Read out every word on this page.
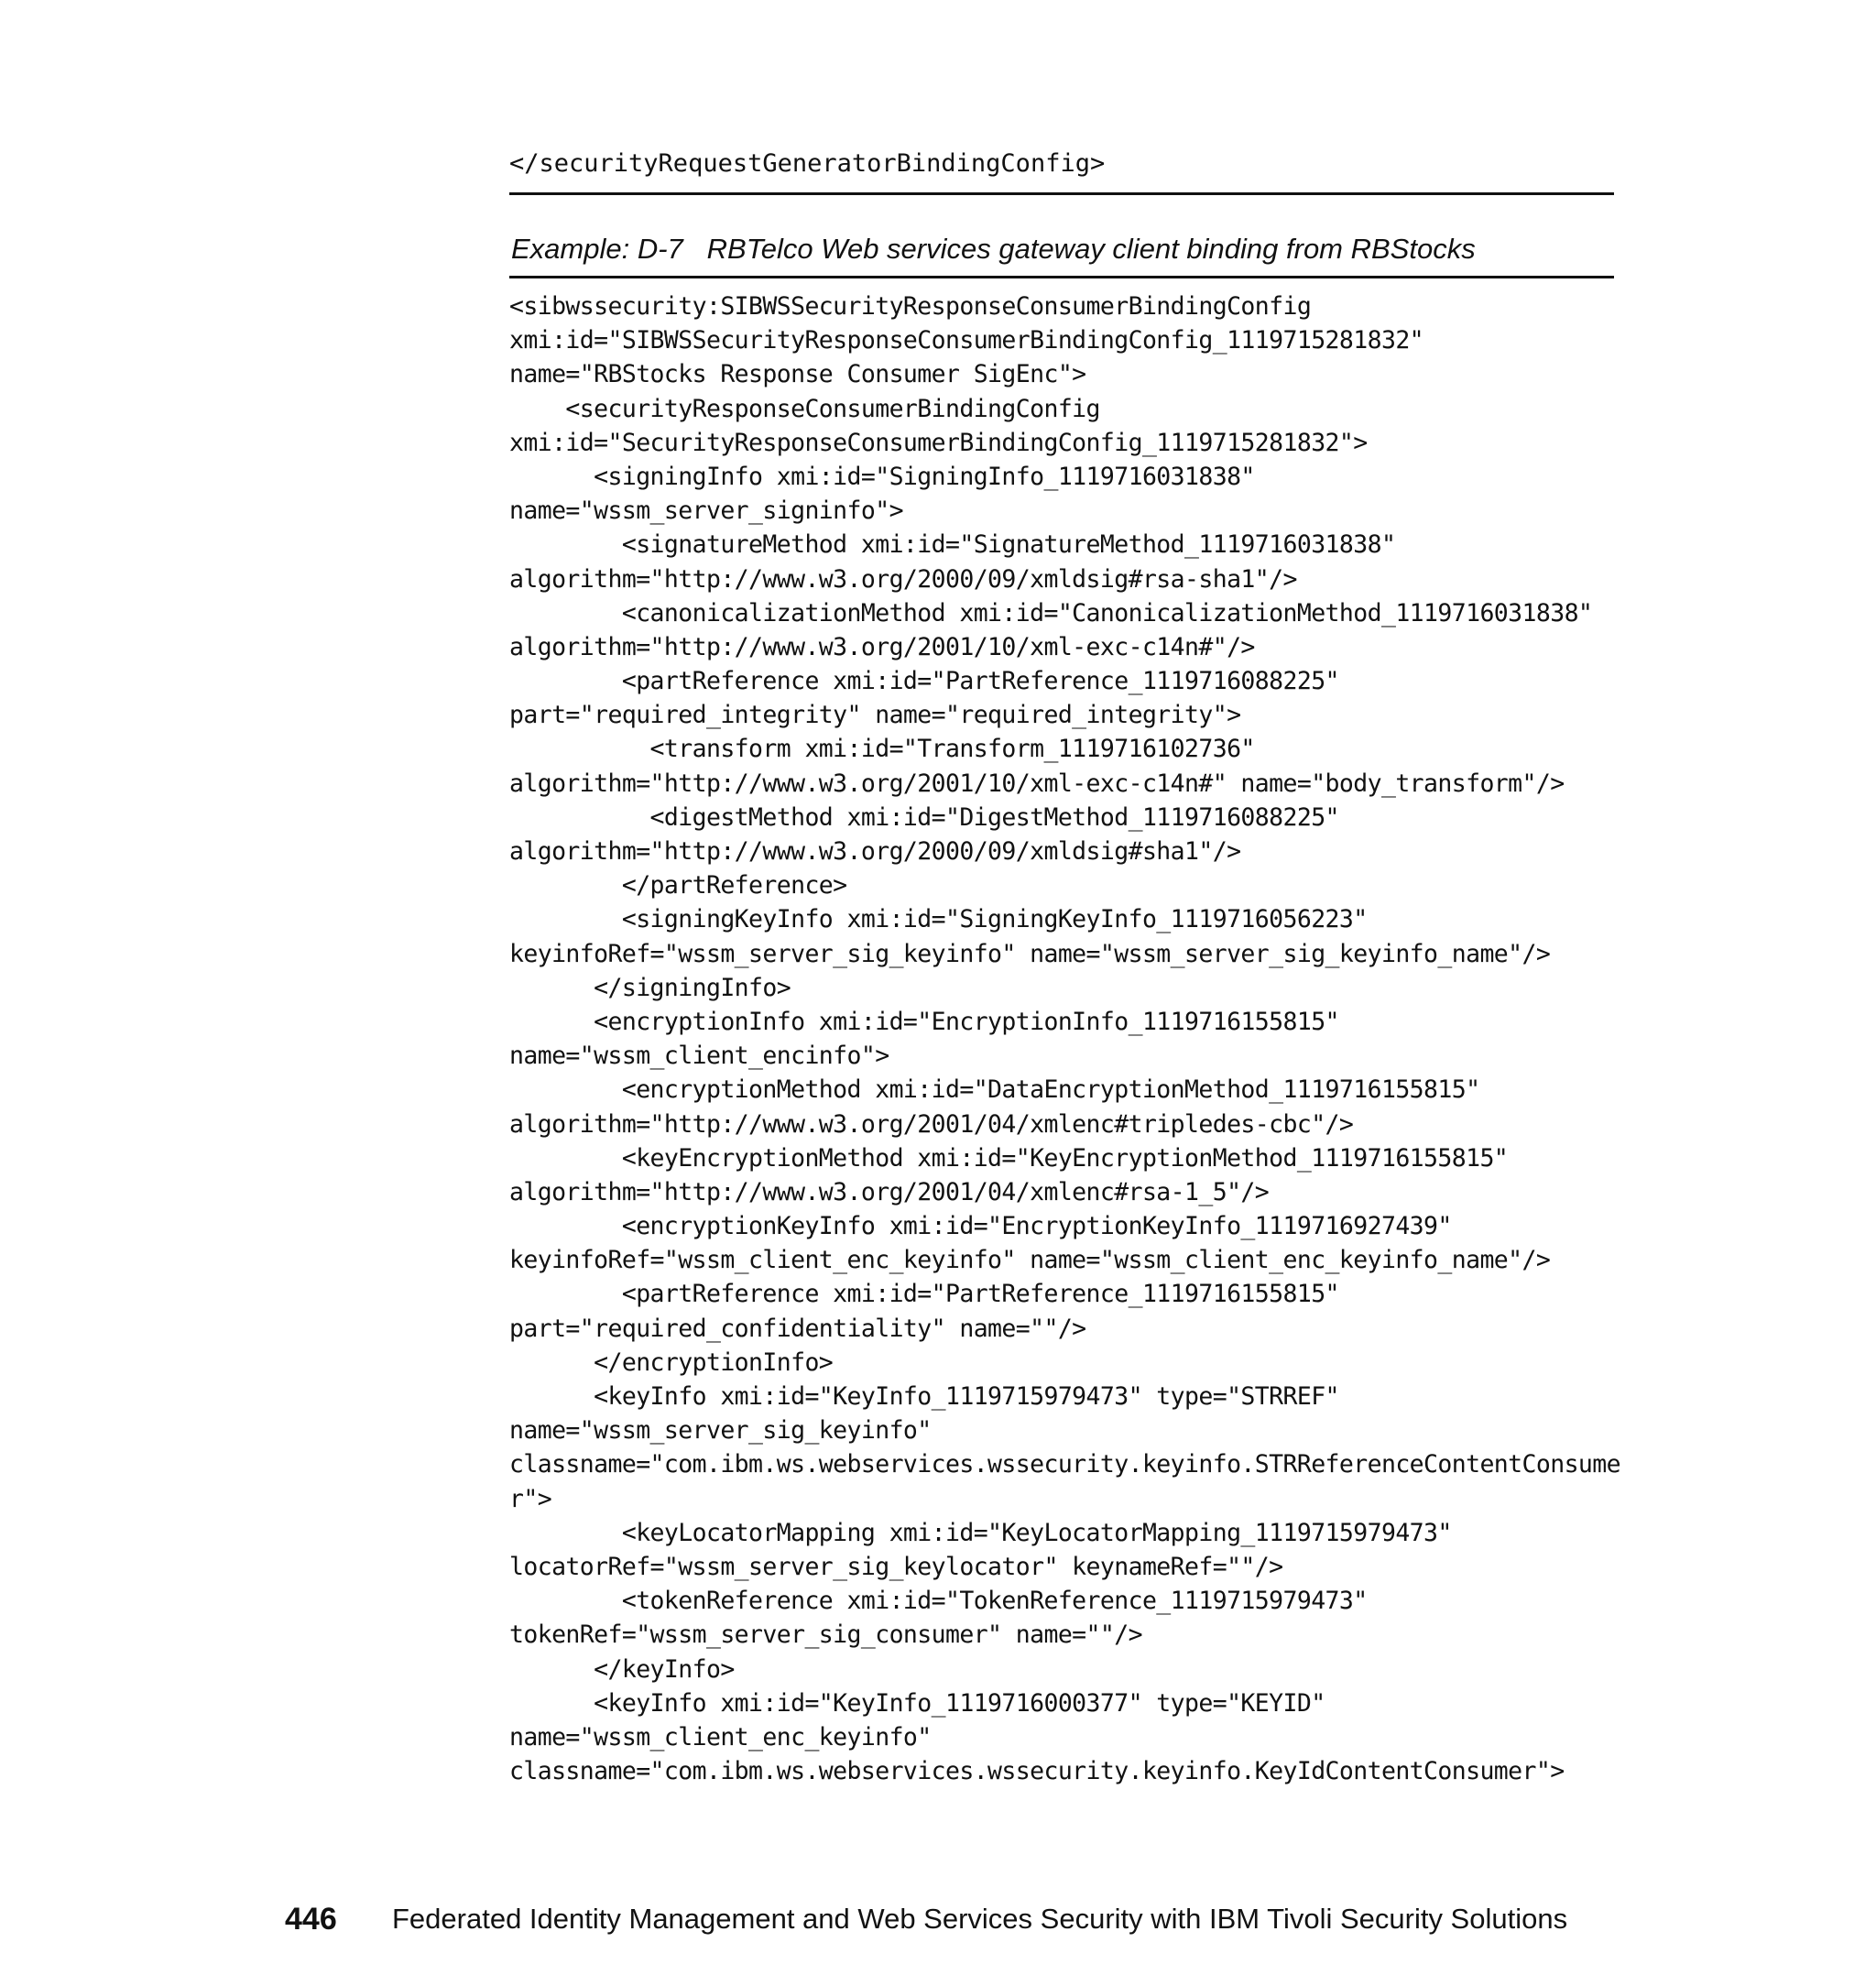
</securityRequestGeneratorBindingConfig>
Example: D-7   RBTelco Web services gateway client binding from RBStocks
<sibwssecurity:SIBWSSecurityResponseConsumerBindingConfig
xmi:id="SIBWSSecurityResponseConsumerBindingConfig_1119715281832"
name="RBStocks Response Consumer SigEnc">
<securityResponseConsumerBindingConfig
xmi:id="SecurityResponseConsumerBindingConfig_1119715281832">
<signingInfo xmi:id="SigningInfo_1119716031838"
name="wssm_server_signinfo">
<signatureMethod xmi:id="SignatureMethod_1119716031838"
algorithm="http://www.w3.org/2000/09/xmldsig#rsa-sha1"/>
<canonicalizationMethod xmi:id="CanonicalizationMethod_1119716031838"
algorithm="http://www.w3.org/2001/10/xml-exc-c14n#"/>
<partReference xmi:id="PartReference_1119716088225"
part="required_integrity" name="required_integrity">
<transform xmi:id="Transform_1119716102736"
algorithm="http://www.w3.org/2001/10/xml-exc-c14n#" name="body_transform"/>
<digestMethod xmi:id="DigestMethod_1119716088225"
algorithm="http://www.w3.org/2000/09/xmldsig#sha1"/>
</partReference>
<signingKeyInfo xmi:id="SigningKeyInfo_1119716056223"
keyinfoRef="wssm_server_sig_keyinfo" name="wssm_server_sig_keyinfo_name"/>
</signingInfo>
<encryptionInfo xmi:id="EncryptionInfo_1119716155815"
name="wssm_client_encinfo">
<encryptionMethod xmi:id="DataEncryptionMethod_1119716155815"
algorithm="http://www.w3.org/2001/04/xmlenc#tripledes-cbc"/>
<keyEncryptionMethod xmi:id="KeyEncryptionMethod_1119716155815"
algorithm="http://www.w3.org/2001/04/xmlenc#rsa-1_5"/>
<encryptionKeyInfo xmi:id="EncryptionKeyInfo_1119716927439"
keyinfoRef="wssm_client_enc_keyinfo" name="wssm_client_enc_keyinfo_name"/>
<partReference xmi:id="PartReference_1119716155815"
part="required_confidentiality" name=""/>
</encryptionInfo>
<keyInfo xmi:id="KeyInfo_1119715979473" type="STRREF"
name="wssm_server_sig_keyinfo"
classname="com.ibm.ws.webservices.wssecurity.keyinfo.STRReferenceContentConsume
r">
<keyLocatorMapping xmi:id="KeyLocatorMapping_1119715979473"
locatorRef="wssm_server_sig_keylocator" keynameRef=""/>
<tokenReference xmi:id="TokenReference_1119715979473"
tokenRef="wssm_server_sig_consumer" name=""/>
</keyInfo>
<keyInfo xmi:id="KeyInfo_1119716000377" type="KEYID"
name="wssm_client_enc_keyinfo"
classname="com.ibm.ws.webservices.wssecurity.keyinfo.KeyIdContentConsumer">
446 Federated Identity Management and Web Services Security with IBM Tivoli Security Solutions
